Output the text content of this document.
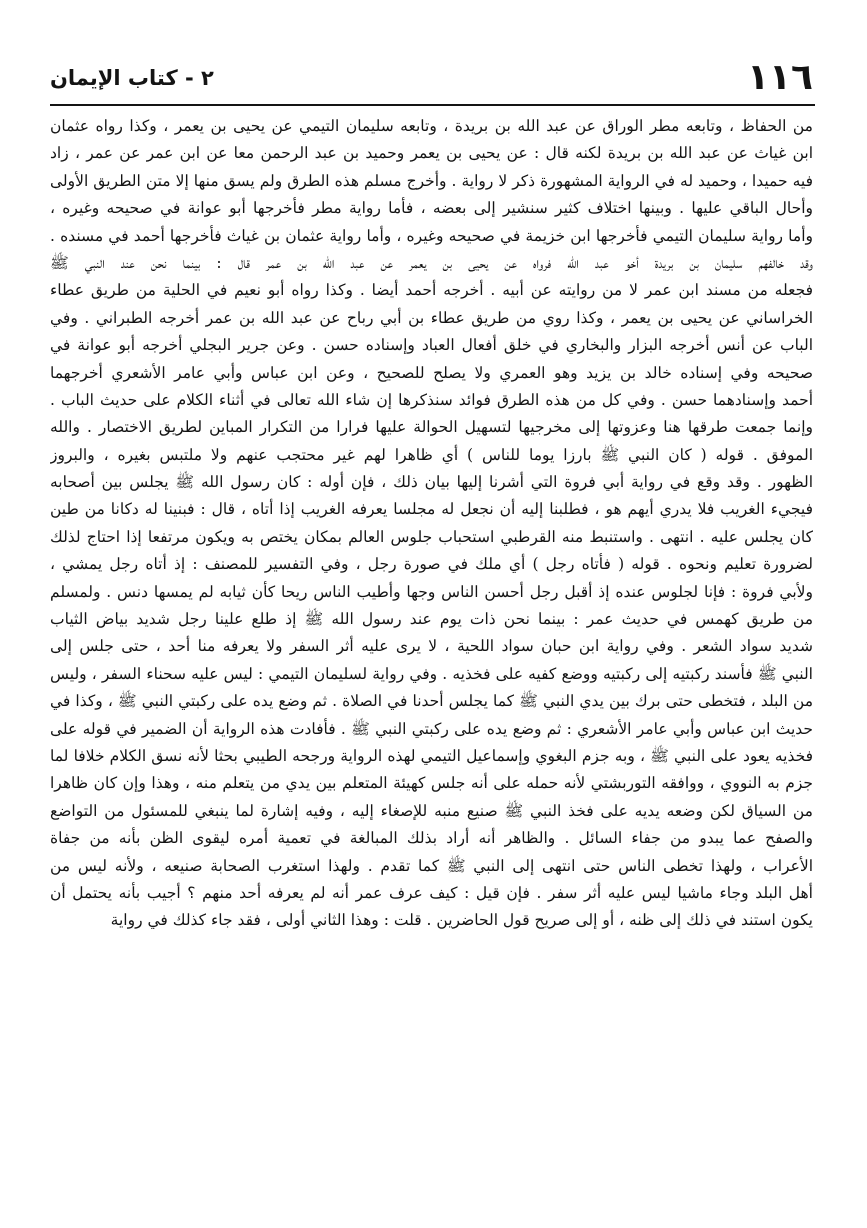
١١٦
٢ - كتاب الإيمان
من الحفاظ ، وتابعه مطر الوراق عن عبد الله بن بريدة ، وتابعه سليمان التيمي عن يحيى بن يعمر ، وكذا رواه عثمان
ابن غياث عن عبد الله بن بريدة لكنه قال : عن يحيى بن يعمر وحميد بن عبد الرحمن معا عن ابن عمر عن عمر ، زاد
فيه حميدا ، وحميد له في الرواية المشهورة ذكر لا رواية . وأخرج مسلم هذه الطرق ولم يسق منها إلا متن الطريق الأولى
وأحال الباقي عليها . وبينها اختلاف كثير سنشير إلى بعضه ، فأما رواية مطر فأخرجها أبو عوانة في صحيحه وغيره ،
وأما رواية سليمان التيمي فأخرجها ابن خزيمة في صحيحه وغيره ، وأما رواية عثمان بن غياث فأخرجها أحمد في مسنده .
وقد خالفهم سليمان بن بريدة أخو عبد الله فرواه عن يحيى بن يعمر عن عبد الله بن عمر قال : بينما نحن عند النبي ﷺ
فجعله من مسند ابن عمر لا من روايته عن أبيه . أخرجه أحمد أيضا . وكذا رواه أبو نعيم في الحلية من طريق عطاء
الخراساني عن يحيى بن يعمر ، وكذا روي من طريق عطاء بن أبي رباح عن عبد الله بن عمر أخرجه الطبراني . وفي
الباب عن أنس أخرجه البزار والبخاري في خلق أفعال العباد وإسناده حسن . وعن جرير البجلي أخرجه أبو عوانة في
صحيحه وفي إسناده خالد بن يزيد وهو العمري ولا يصلح للصحيح ، وعن ابن عباس وأبي عامر الأشعري أخرجهما
أحمد وإسنادهما حسن . وفي كل من هذه الطرق فوائد سنذكرها إن شاء الله تعالى في أثناء الكلام على حديث الباب .
وإنما جمعت طرقها هنا وعزوتها إلى مخرجيها لتسهيل الحوالة عليها فرارا من التكرار المباين لطريق الاختصار . والله
الموفق . قوله ( كان النبي ﷺ بارزا يوما للناس ) أي ظاهرا لهم غير محتجب عنهم ولا ملتبس بغيره ، والبروز
الظهور . وقد وقع في رواية أبي فروة التي أشرنا إليها بيان ذلك ، فإن أوله : كان رسول الله ﷺ يجلس بين أصحابه
فيجيء الغريب فلا يدري أيهم هو ، فطلبنا إليه أن نجعل له مجلسا يعرفه الغريب إذا أتاه ، قال : فبنينا له دكانا من طين
كان يجلس عليه . انتهى . واستنبط منه القرطبي استحباب جلوس العالم بمكان يختص به ويكون مرتفعا إذا احتاج لذلك
لضرورة تعليم ونحوه . قوله ( فأتاه رجل ) أي ملك في صورة رجل ، وفي التفسير للمصنف : إذ أتاه رجل يمشي ،
ولأبي فروة : فإنا لجلوس عنده إذ أقبل رجل أحسن الناس وجها وأطيب الناس ريحا كأن ثيابه لم يمسها دنس . ولمسلم
من طريق كهمس في حديث عمر : بينما نحن ذات يوم عند رسول الله ﷺ إذ طلع علينا رجل شديد بياض الثياب
شديد سواد الشعر . وفي رواية ابن حبان سواد اللحية ، لا يرى عليه أثر السفر ولا يعرفه منا أحد ، حتى جلس إلى
النبي ﷺ فأسند ركبتيه إلى ركبتيه ووضع كفيه على فخذيه . وفي رواية لسليمان التيمي : ليس عليه سحناء السفر ، وليس
من البلد ، فتخطى حتى برك بين يدي النبي ﷺ كما يجلس أحدنا في الصلاة . ثم وضع يده على ركبتي النبي ﷺ ، وكذا في
حديث ابن عباس وأبي عامر الأشعري : ثم وضع يده على ركبتي النبي ﷺ . فأفادت هذه الرواية أن الضمير في قوله على
فخذيه يعود على النبي ﷺ ، وبه جزم البغوي وإسماعيل التيمي لهذه الرواية ورجحه الطيبي بحثا لأنه نسق الكلام خلافا لما
جزم به النووي ، ووافقه التوربشتي لأنه حمله على أنه جلس كهيئة المتعلم بين يدي من يتعلم منه ، وهذا وإن كان ظاهرا
من السياق لكن وضعه يديه على فخذ النبي ﷺ صنيع منبه للإصغاء إليه ، وفيه إشارة لما ينبغي للمسئول من التواضع
والصفح عما يبدو من جفاء السائل . والظاهر أنه أراد بذلك المبالغة في تعمية أمره ليقوى الظن بأنه من جفاة
الأعراب ، ولهذا تخطى الناس حتى انتهى إلى النبي ﷺ كما تقدم . ولهذا استغرب الصحابة صنيعه ، ولأنه ليس من
أهل البلد وجاء ماشيا ليس عليه أثر سفر . فإن قيل : كيف عرف عمر أنه لم يعرفه أحد منهم ؟ أجيب بأنه يحتمل أن
يكون استند في ذلك إلى ظنه ، أو إلى صريح قول الحاضرين . قلت : وهذا الثاني أولى ، فقد جاء كذلك في رواية
